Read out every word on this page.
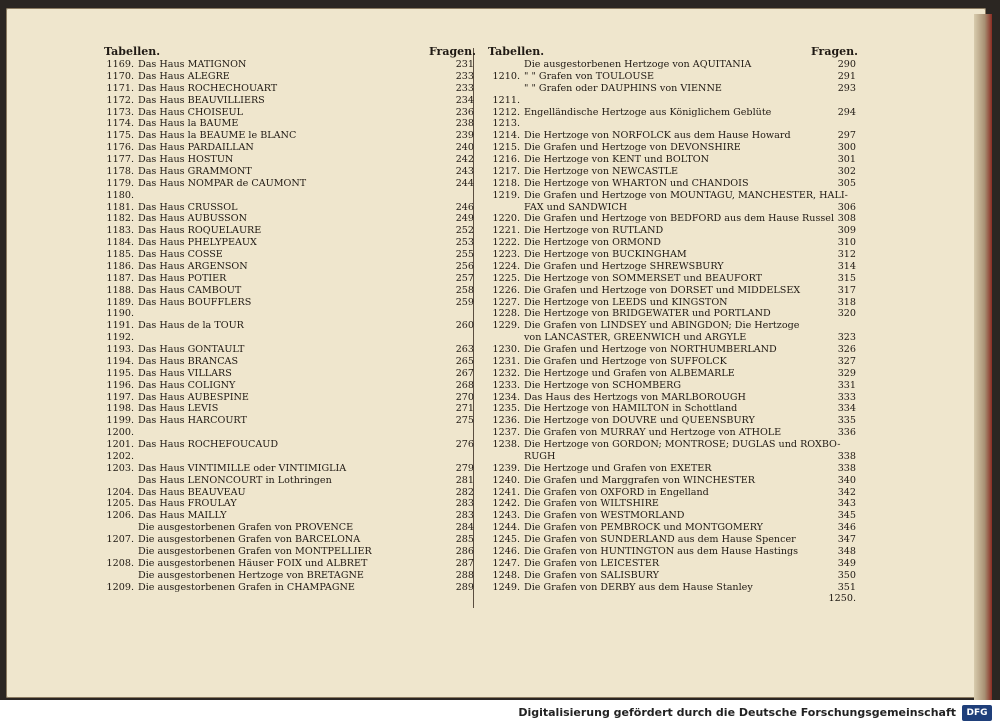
Tabellen.	Fragen.
1169. Das Haus MATIGNON	231
1170. Das Haus ALEGRE	233
1171. Das Haus ROCHECHOUART	233
1172. Das Haus BEAUVILLIERS	234
1173. Das Haus CHOISEUL	236
1174. Das Haus la BAUME	238
1175. Das Haus la BEAUME le BLANC	239
1176. Das Haus PARDAILLAN	240
1177. Das Haus HOSTUN	242
1178. Das Haus GRAMMONT	243
1179. Das Haus NOMPAR de CAUMONT	244
1180.
1181. Das Haus CRUSSOL	246
1182. Das Haus AUBUSSON	249
1183. Das Haus ROQUELAURE	252
1184. Das Haus PHELYPEAUX	253
1185. Das Haus COSSE	255
1186. Das Haus ARGENSON	256
1187. Das Haus POTIER	257
1188. Das Haus CAMBOUT	258
1189. Das Haus BOUFFLERS	259
1190.
1191. Das Haus de la TOUR	260
1192.
1193. Das Haus GONTAULT	263
1194. Das Haus BRANCAS	265
1195. Das Haus VILLARS	267
1196. Das Haus COLIGNY	268
1197. Das Haus AUBESPINE	270
1198. Das Haus LEVIS	271
1199. Das Haus HARCOURT	275
1200.
1201. Das Haus ROCHEFOUCAUD	276
1202.
1203. Das Haus VINTIMILLE oder VINTIMIGLIA	279
Das Haus LENONCOURT in Lothringen	281
1204. Das Haus BEAUVEAU	282
1205. Das Haus FROULAY	283
1206. Das Haus MAILLY	283
Die ausgestorbenen Grafen von PROVENCE	284
1207. Die ausgestorbenen Grafen von BARCELONA	285
Die ausgestorbenen Grafen von MONTPELLIER	286
1208. Die ausgestorbenen Häuser FOIX und ALBRET	287
Die ausgestorbenen Hertzoge von BRETAGNE	288
1209. Die ausgestorbenen Grafen in CHAMPAGNE	289
Tabellen.	Fragen.
Die ausgestorbenen Hertzoge von AQUITANIA	290
1210. " " Grafen von TOULOUSE	291
" " Grafen oder DAUPHINS von VIENNE	293
1211.
1212. Engelländische Hertzoge aus Königlichem Geblüte	294
1213.
1214. Die Hertzoge von NORFOLCK aus dem Hause Howard	297
1215. Die Grafen und Hertzoge von DEVONSHIRE	300
1216. Die Hertzoge von KENT und BOLTON	301
1217. Die Hertzoge von NEWCASTLE	302
1218. Die Hertzoge von WHARTON und CHANDOIS	305
1219. Die Grafen und Hertzoge von MOUNTAGU, MANCHESTER, HALI-
FAX und SANDWICH	306
1220. Die Grafen und Hertzoge von BEDFORD aus dem Hause Russel 308
1221. Die Hertzoge von RUTLAND	309
1222. Die Hertzoge von ORMOND	310
1223. Die Hertzoge von BUCKINGHAM	312
1224. Die Grafen und Hertzoge SHREWSBURY	314
1225. Die Hertzoge von SOMMERSET und BEAUFORT	315
1226. Die Grafen und Hertzoge von DORSET und MIDDELSEX	317
1227. Die Hertzoge von LEEDS und KINGSTON	318
1228. Die Hertzoge von BRIDGEWATER und PORTLAND	320
1229. Die Grafen von LINDSEY und ABINGDON; Die Hertzoge
von LANCASTER, GREENWICH und ARGYLE	323
1230. Die Grafen und Hertzoge von NORTHUMBERLAND	326
1231. Die Grafen und Hertzoge von SUFFOLCK	327
1232. Die Hertzoge und Grafen von ALBEMARLE	329
1233. Die Hertzoge von SCHOMBERG	331
1234. Das Haus des Hertzogs von MARLBOROUGH	333
1235. Die Hertzoge von HAMILTON in Schottland	334
1236. Die Hertzoge von DOUVRE und QUEENSBURY	335
1237. Die Grafen von MURRAY und Hertzoge von ATHOLE	336
1238. Die Hertzoge von GORDON; MONTROSE; DUGLAS und ROXBO-
RUGH	338
1239. Die Hertzoge und Grafen von EXETER	338
1240. Die Grafen und Marggrafen von WINCHESTER	340
1241. Die Grafen von OXFORD in Engelland	342
1242. Die Grafen von WILTSHIRE	343
1243. Die Grafen von WESTMORLAND	345
1244. Die Grafen von PEMBROCK und MONTGOMERY	346
1245. Die Grafen von SUNDERLAND aus dem Hause Spencer	347
1246. Die Grafen von HUNTINGTON aus dem Hause Hastings	348
1247. Die Grafen von LEICESTER	349
1248. Die Grafen von SALISBURY	350
1249. Die Grafen von DERBY aus dem Hause Stanley	351
1250.
Digitalisierung gefördert durch die Deutsche Forschungsgemeinschaft	DFG
